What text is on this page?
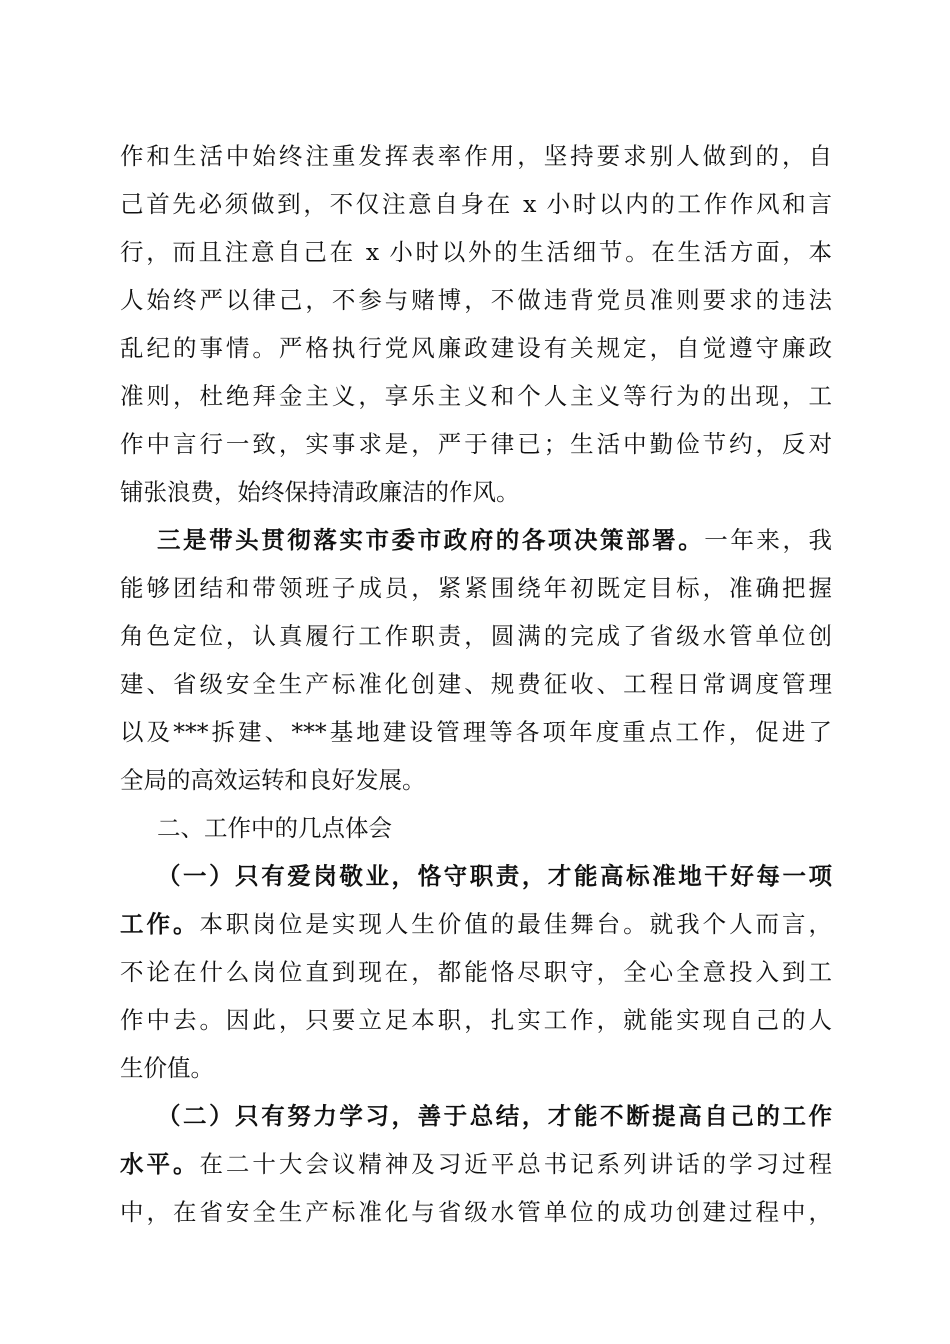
作和生活中始终注重发挥表率作用，坚持要求别人做到的，自
己首先必须做到，不仅注意自身在 x 小时以内的工作作风和言
行，而且注意自己在 x 小时以外的生活细节。在生活方面，本
人始终严以律己，不参与赌博，不做违背党员准则要求的违法
乱纪的事情。严格执行党风廉政建设有关规定，自觉遵守廉政
准则，杜绝拜金主义，享乐主义和个人主义等行为的出现，工
作中言行一致，实事求是，严于律已；生活中勤俭节约，反对
铺张浪费，始终保持清政廉洁的作风。
三是带头贯彻落实市委市政府的各项决策部署。一年来，我
能够团结和带领班子成员，紧紧围绕年初既定目标，准确把握
角色定位，认真履行工作职责，圆满的完成了省级水管单位创
建、省级安全生产标准化创建、规费征收、工程日常调度管理
以及***拆建、***基地建设管理等各项年度重点工作，促进了
全局的高效运转和良好发展。
二、工作中的几点体会
（一）只有爱岗敬业，恪守职责，才能高标准地干好每一项
工作。本职岗位是实现人生价值的最佳舞台。就我个人而言，
不论在什么岗位直到现在，都能恪尽职守，全心全意投入到工
作中去。因此，只要立足本职，扎实工作，就能实现自己的人
生价值。
（二）只有努力学习，善于总结，才能不断提高自己的工作
水平。在二十大会议精神及习近平总书记系列讲话的学习过程
中，在省安全生产标准化与省级水管单位的成功创建过程中，
